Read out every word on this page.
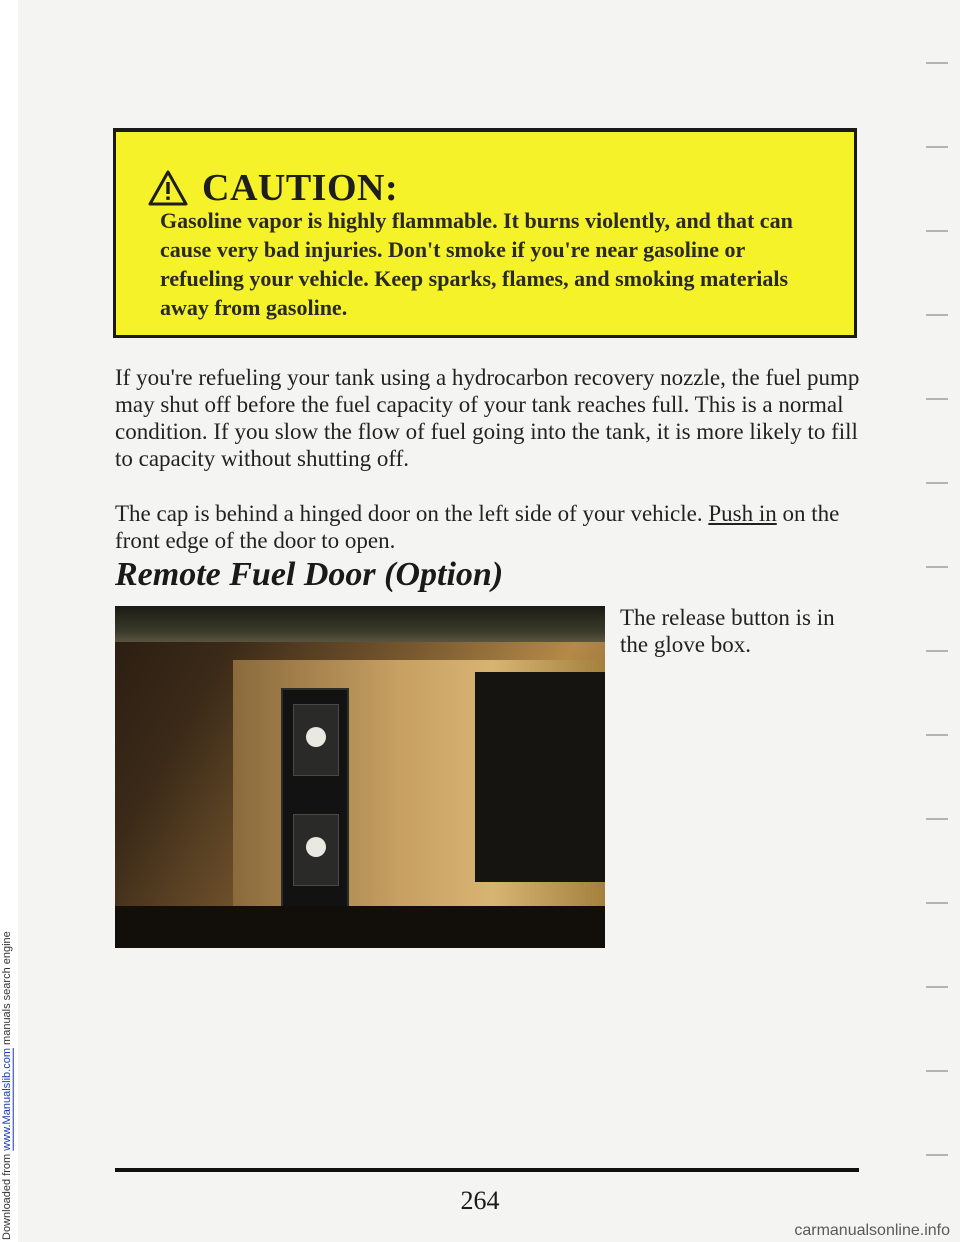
Downloaded from www.Manualslib.com manuals search engine
CAUTION:
Gasoline vapor is highly flammable. It burns violently, and that can cause very bad injuries. Don't smoke if you're near gasoline or refueling your vehicle. Keep sparks, flames, and smoking materials away from gasoline.
If you're refueling your tank using a hydrocarbon recovery nozzle, the fuel pump may shut off before the fuel capacity of your tank reaches full. This is a normal condition. If you slow the flow of fuel going into the tank, it is more likely to fill to capacity without shutting off.
The cap is behind a hinged door on the left side of your vehicle. Push in on the front edge of the door to open.
Remote Fuel Door (Option)
The release button is in the glove box.
264
carmanualsonline.info
